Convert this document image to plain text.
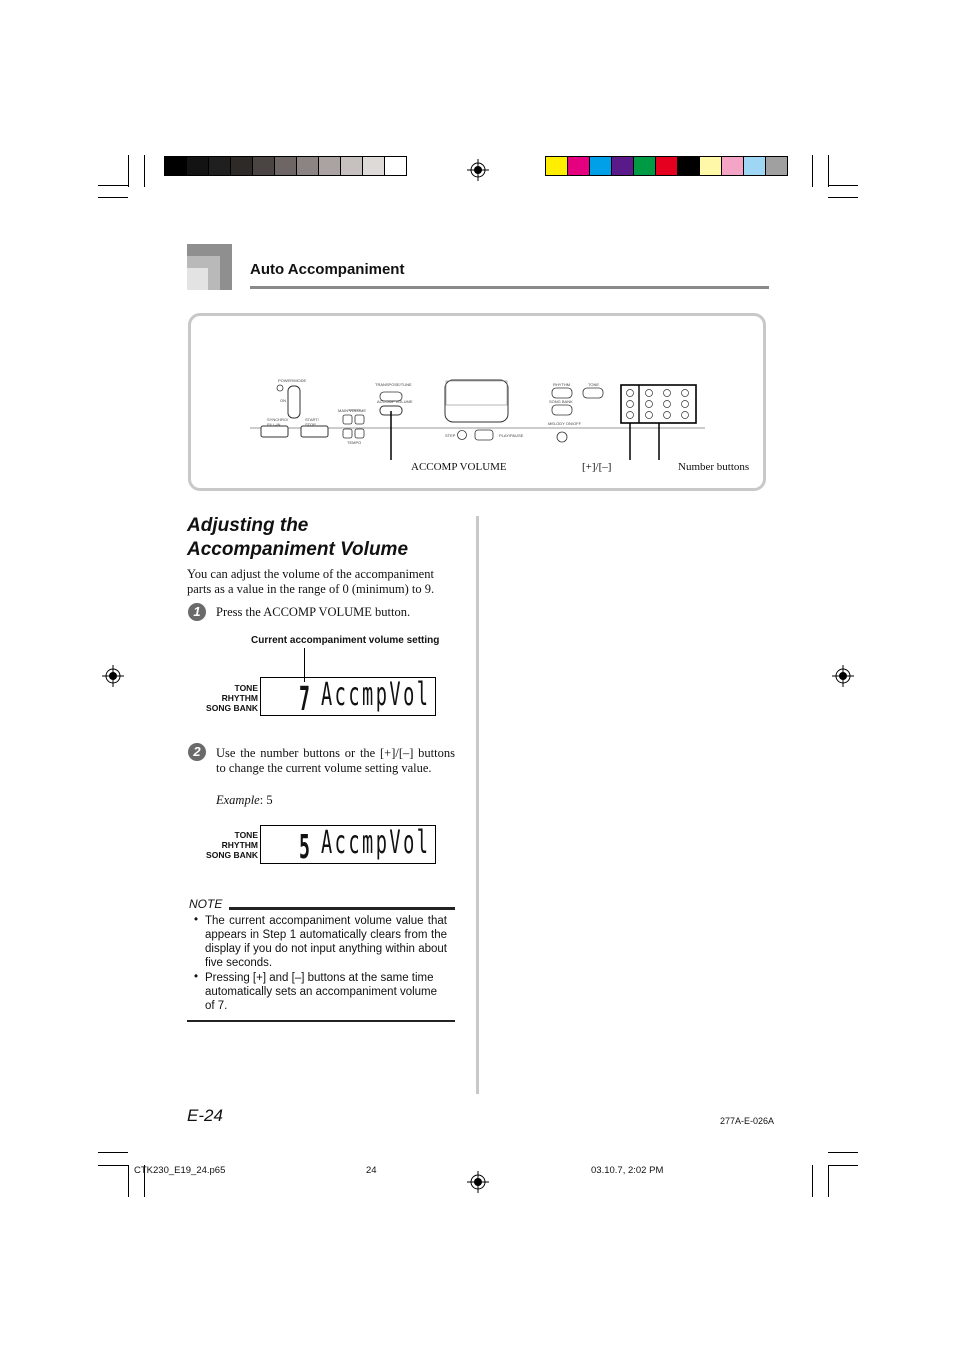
Auto Accompaniment
POWER/MODE
ON
TRANSPOSE/TUNE
ACCOMP VOLUME
RHYTHM	TONE
SONG BANK
MAIN VOLUME
TEMPO
MELODY ON/OFF
STEP	PLAY/PAUSE
SYNCHRO/ FILL-IN
START/ STOP
ACCOMP VOLUME	[+]/[–]	Number buttons
Adjusting the
Accompaniment Volume
You can adjust the volume of the accompaniment parts as a value in the range of 0 (minimum) to 9.
1	Press the ACCOMP VOLUME button.
Current accompaniment volume setting
TONE
RHYTHM
SONG BANK 7 AccmpVol
2	Use the number buttons or the [+]/[–] buttons to change the current volume setting value.
Example: 5
TONE
RHYTHM
SONG BANK 5 AccmpVol
NOTE
• The current accompaniment volume value that appears in Step 1 automatically clears from the display if you do not input anything within about five seconds.
• Pressing [+] and [–] buttons at the same time automatically sets an accompaniment volume of 7.
E-24	277A-E-026A
CTK230_E19_24.p65	24	03.10.7, 2:02 PM
